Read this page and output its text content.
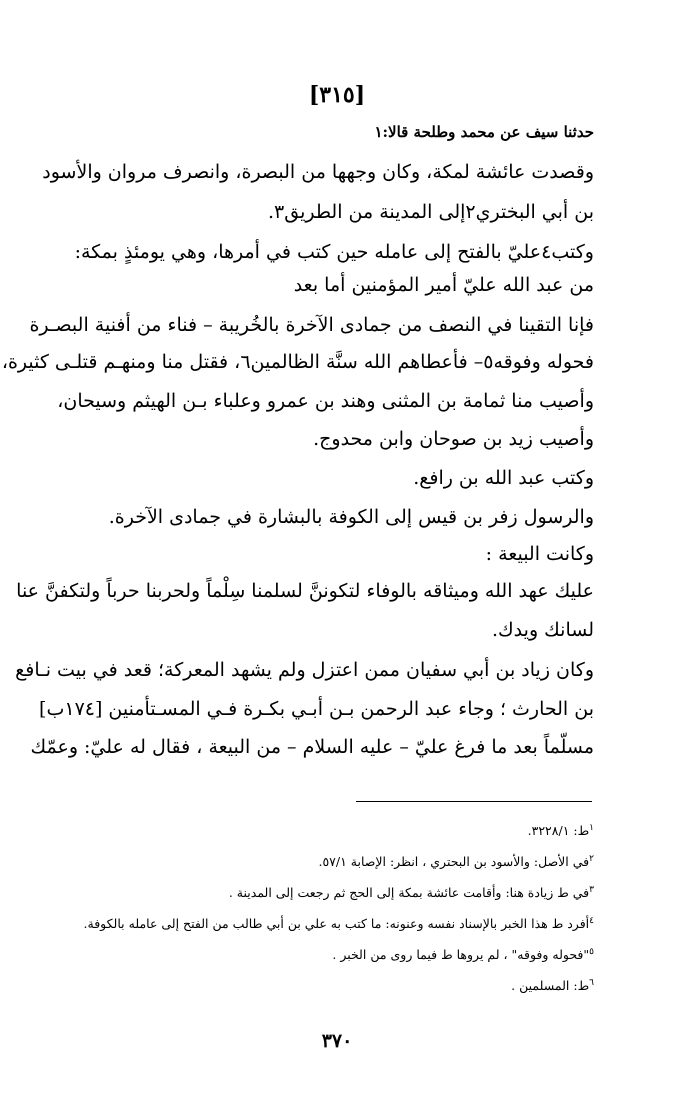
[٣١٥]
حدثنا سيف عن محمد وطلحة قالا:١
وقصدت عائشة لمكة، وكان وجهها من البصرة، وانصرف مروان والأسود
بن أبي البختري٢إلى المدينة من الطريق٣.
وكتب٤عليّ بالفتح إلى عامله حين كتب في أمرها، وهي يومئذٍ بمكة:
من عبد الله عليّ أمير المؤمنين أما بعد
فإنا التقينا في النصف من جمادى الآخرة بالخُريبة – فناء من أفنية البصـرة
فحوله وفوقه٥– فأعطاهم الله سنَّة الظالمين٦، فقتل منا ومنهـم قتلـى كثيرة،
وأصيب منا ثمامة بن المثنى وهند بن عمرو وعلباء بـن الهيثم وسيحان،
وأصيب زيد بن صوحان وابن محدوج.
وكتب عبد الله بن رافع.
والرسول زفر بن قيس إلى الكوفة بالبشارة في جمادى الآخرة.
وكانت البيعة :
عليك عهد الله وميثاقه بالوفاء لتكوننَّ لسلمنا سِلْماً ولحربنا حرباً ولتكفنَّ عنا
لسانك ويدك.
وكان زياد بن أبي سفيان ممن اعتزل ولم يشهد المعركة؛ قعد في بيت نـافع
بن الحارث ؛ وجاء عبد الرحمن بـن أبـي بكـرة فـي المسـتأمنين [١٧٤ب]
مسلّماً بعد ما فرغ عليّ – عليه السلام – من البيعة ، فقال له عليّ: وعمّك
$^١$ط: ٣٢٢٨/١.
$^٢$في الأصل: والأسود بن البحتري ، انظر: الإصابة ٥٧/١.
$^٣$في ط زيادة هنا: وأقامت عائشة بمكة إلى الحج ثم رجعت إلى المدينة .
$^٤$أفرد ط هذا الخبر بالإسناد نفسه وعنونه: ما كتب به علي بن أبي طالب من الفتح إلى عامله بالكوفة.
$^٥$"فحوله وفوقه" ، لم يروها ط فيما روى من الخبر .
$^٦$ط: المسلمين .
٣٧٠
